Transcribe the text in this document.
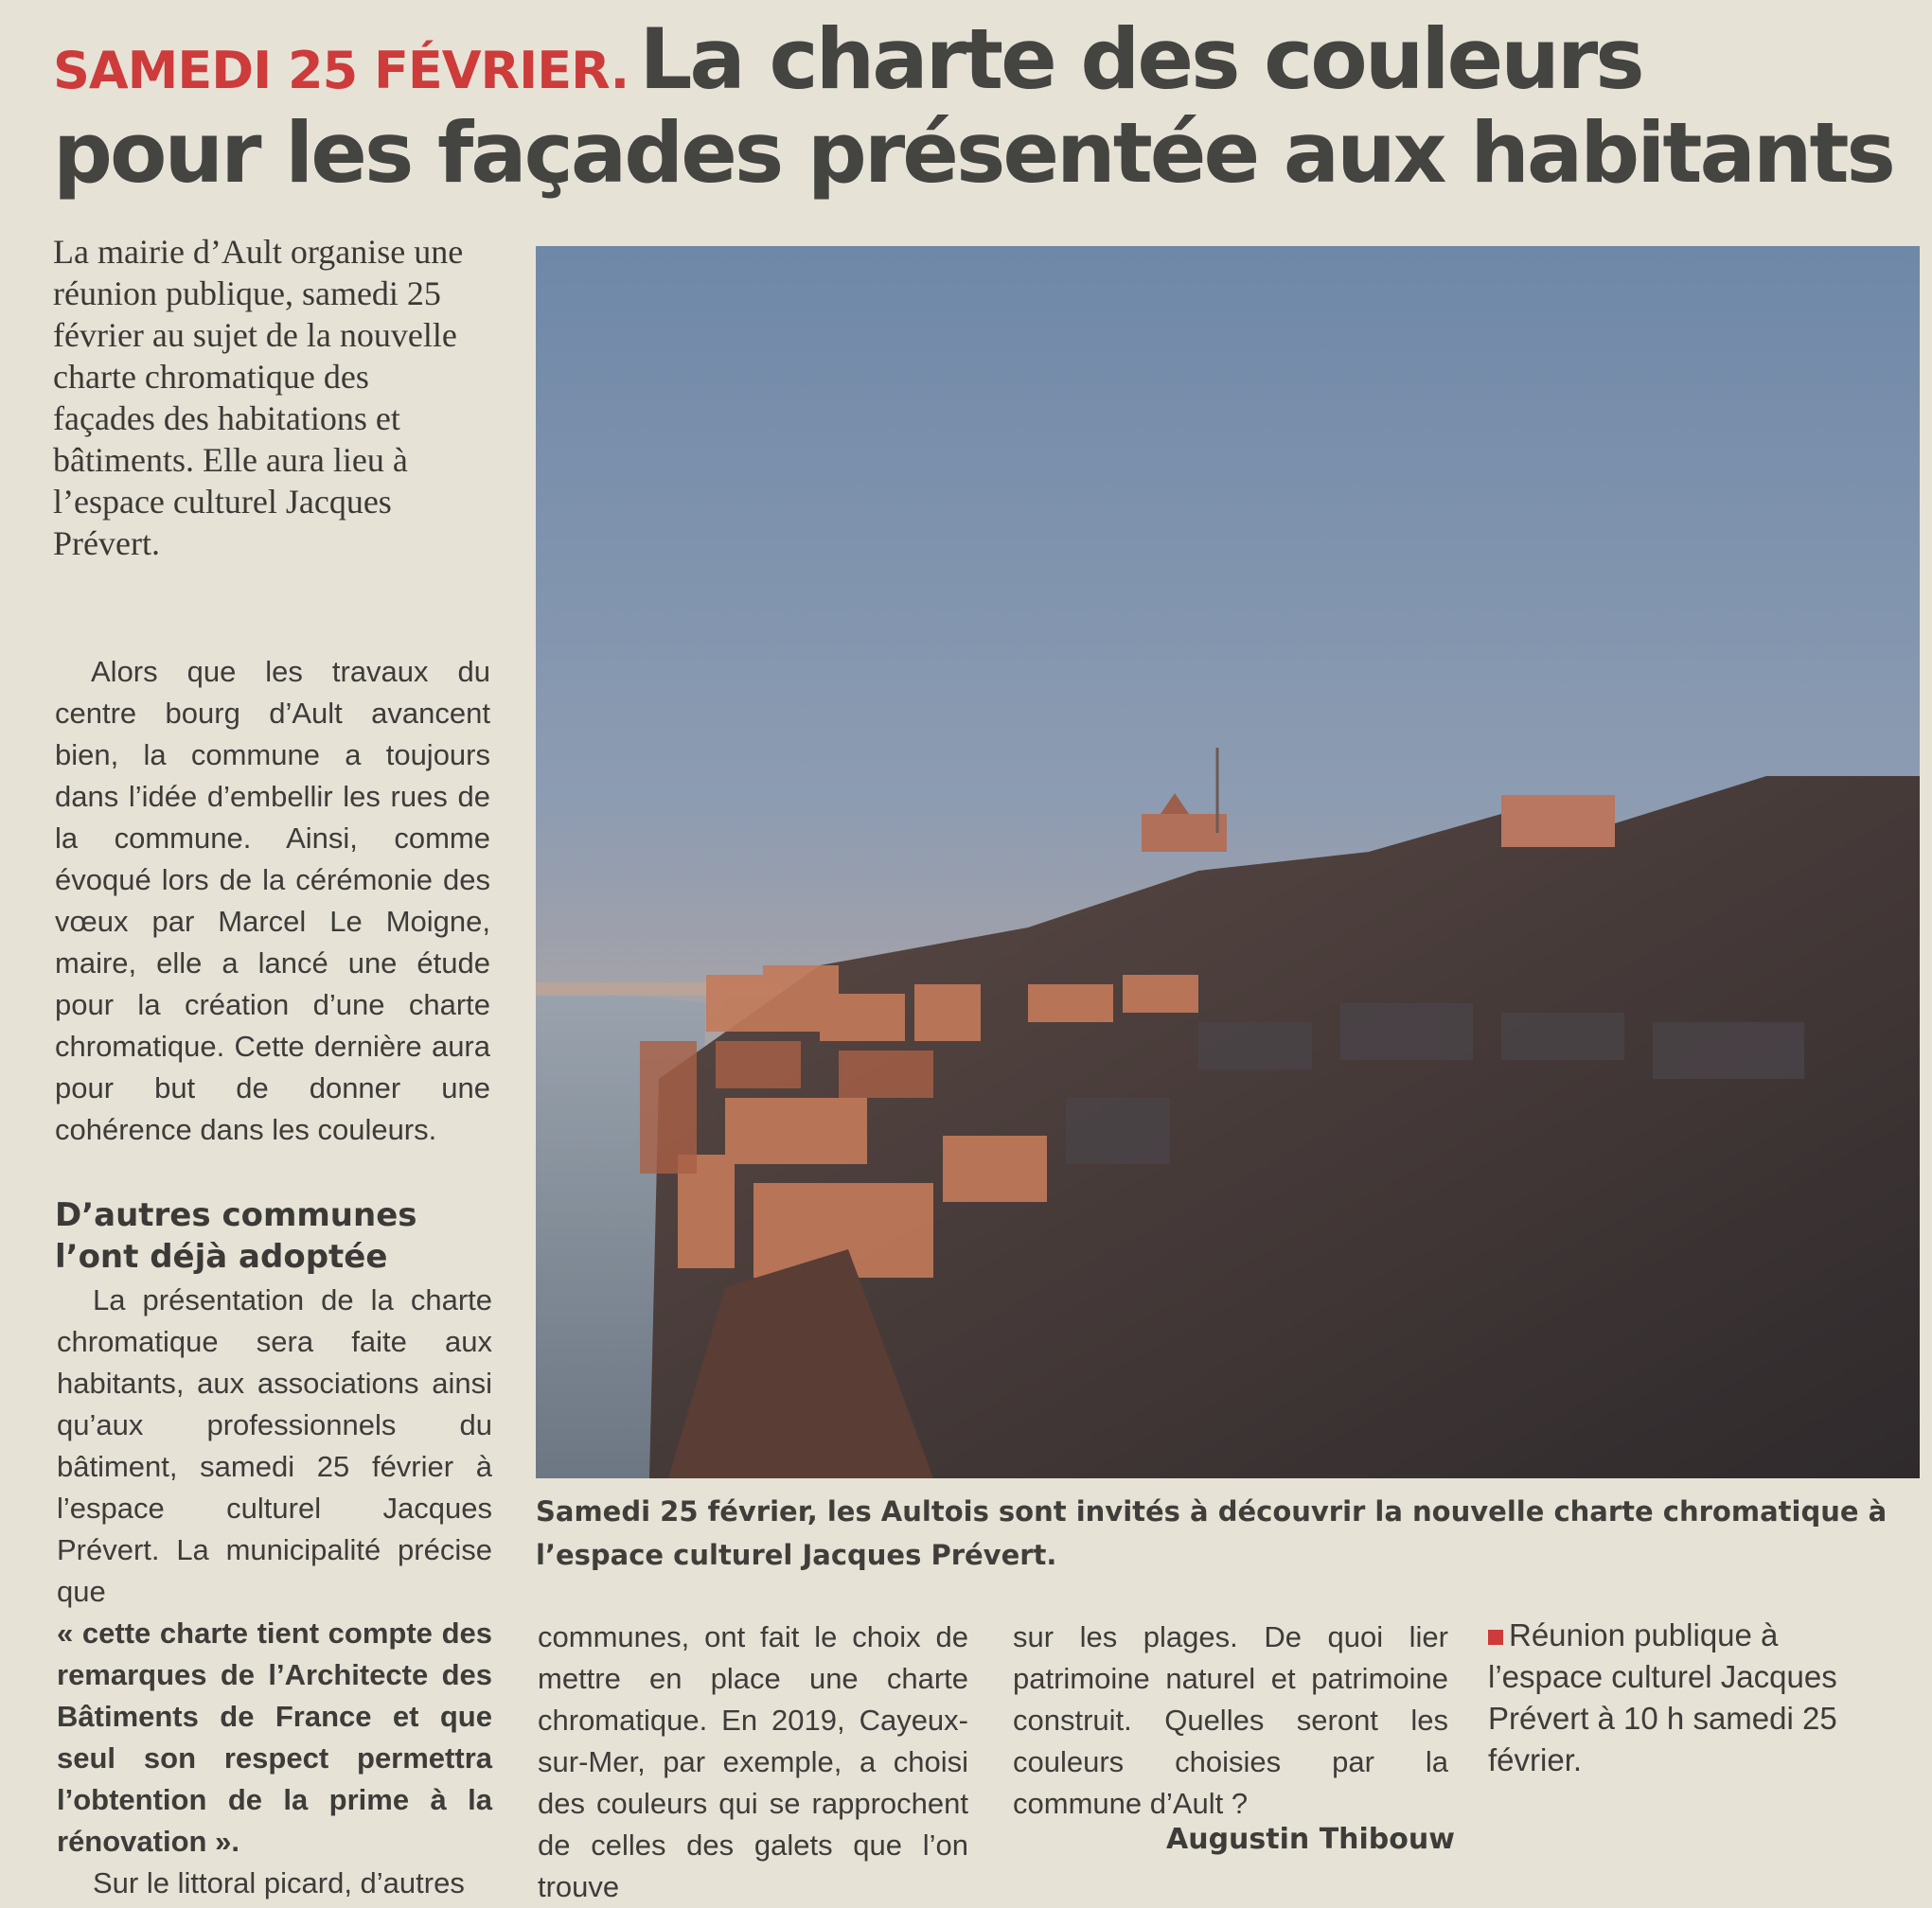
SAMEDI 25 FÉVRIER. La charte des couleurs
pour les façades présentée aux habitants

La mairie d’Ault organise une réunion publique, samedi 25 février au sujet de la nouvelle charte chromatique des façades des habitations et bâtiments. Elle aura lieu à l’espace culturel Jacques Prévert.

Alors que les travaux du centre bourg d’Ault avancent bien, la commune a toujours dans l’idée d’embellir les rues de la commune. Ainsi, comme évoqué lors de la cérémonie des vœux par Marcel Le Moigne, maire, elle a lancé une étude pour la création d’une charte chromatique. Cette dernière aura pour but de donner une cohérence dans les couleurs.

D’autres communes l’ont déjà adoptée

La présentation de la charte chromatique sera faite aux habitants, aux associations ainsi qu’aux professionnels du bâtiment, samedi 25 février à l’espace culturel Jacques Prévert. La municipalité précise que

« cette charte tient compte des remarques de l’Architecte des Bâtiments de France et que seul son respect permettra l’obtention de la prime à la rénovation ».

Sur le littoral picard, d’autres

Samedi 25 février, les Aultois sont invités à découvrir la nouvelle charte chromatique à l’espace culturel Jacques Prévert.

communes, ont fait le choix de mettre en place une charte chromatique. En 2019, Cayeux-sur-Mer, par exemple, a choisi des couleurs qui se rapprochent de celles des galets que l’on trouve

sur les plages. De quoi lier patrimoine naturel et patrimoine construit. Quelles seront les couleurs choisies par la commune d’Ault ?

Augustin Thibouw

Réunion publique à l’espace culturel Jacques Prévert à 10 h samedi 25 février.
